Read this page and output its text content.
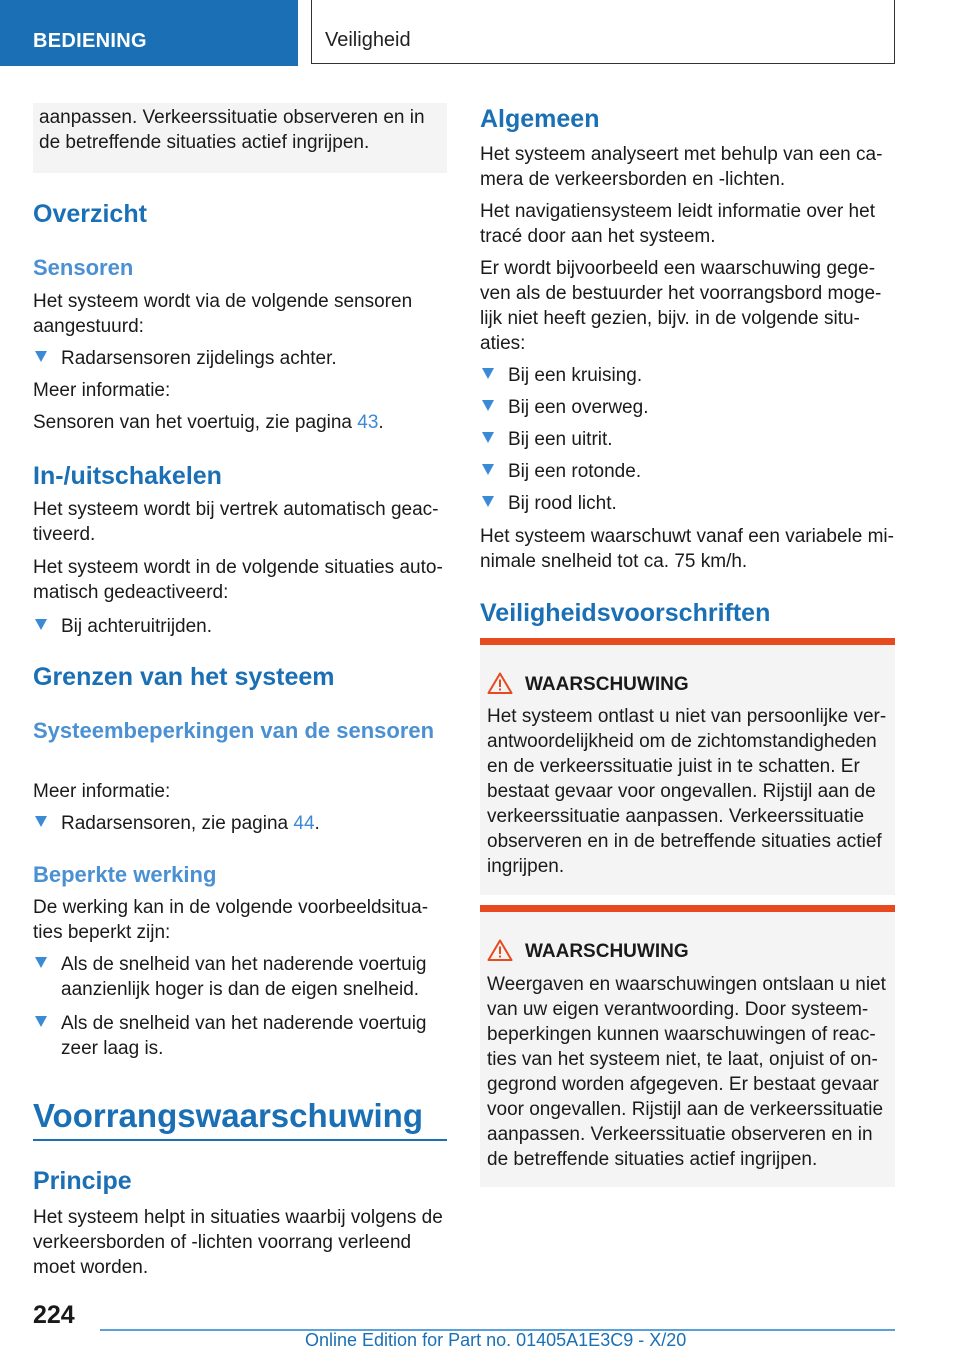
BEDIENING	Veiligheid

aanpassen. Verkeerssituatie observeren en in de betreffende situaties actief ingrijpen.

Overzicht
Sensoren

Het systeem wordt via de volgende sensoren aangestuurd:

Radarsensoren zijdelings achter.

Meer informatie:

Sensoren van het voertuig, zie pagina 43.

In-/uitschakelen

Het systeem wordt bij vertrek automatisch geactiveerd.

Het systeem wordt in de volgende situaties automatisch gedeactiveerd:

Bij achteruitrijden.
Grenzen van het systeem
Systeembeperkingen van de sensoren

Meer informatie:

Radarsensoren, zie pagina 44.
Beperkte werking

De werking kan in de volgende voorbeeldsituaties beperkt zijn:

Als de snelheid van het naderende voertuig aanzienlijk hoger is dan de eigen snelheid.
Als de snelheid van het naderende voertuig zeer laag is.
Voorrangswaarschuwing
Principe

Het systeem helpt in situaties waarbij volgens de verkeersborden of -lichten voorrang verleend moet worden.

Algemeen

Het systeem analyseert met behulp van een camera de verkeersborden en -lichten.

Het navigatiensysteem leidt informatie over het tracé door aan het systeem.

Er wordt bijvoorbeeld een waarschuwing gegeven als de bestuurder het voorrangsbord mogelijk niet heeft gezien, bijv. in de volgende situaties:

Bij een kruising.
Bij een overweg.
Bij een uitrit.
Bij een rotonde.
Bij rood licht.

Het systeem waarschuwt vanaf een variabele minimale snelheid tot ca. 75 km/h.

Veiligheidsvoorschriften
WAARSCHUWING

Het systeem ontlast u niet van persoonlijke verantwoordelijkheid om de zichtomstandigheden en de verkeerssituatie juist in te schatten. Er bestaat gevaar voor ongevallen. Rijstijl aan de verkeerssituatie aanpassen. Verkeerssituatie observeren en in de betreffende situaties actief ingrijpen.

WAARSCHUWING

Weergaven en waarschuwingen ontslaan u niet van uw eigen verantwoording. Door systeembeperkingen kunnen waarschuwingen of reacties van het systeem niet, te laat, onjuist of ongegrond worden afgegeven. Er bestaat gevaar voor ongevallen. Rijstijl aan de verkeerssituatie aanpassen. Verkeerssituatie observeren en in de betreffende situaties actief ingrijpen.

224
Online Edition for Part no. 01405A1E3C9 - X/20
